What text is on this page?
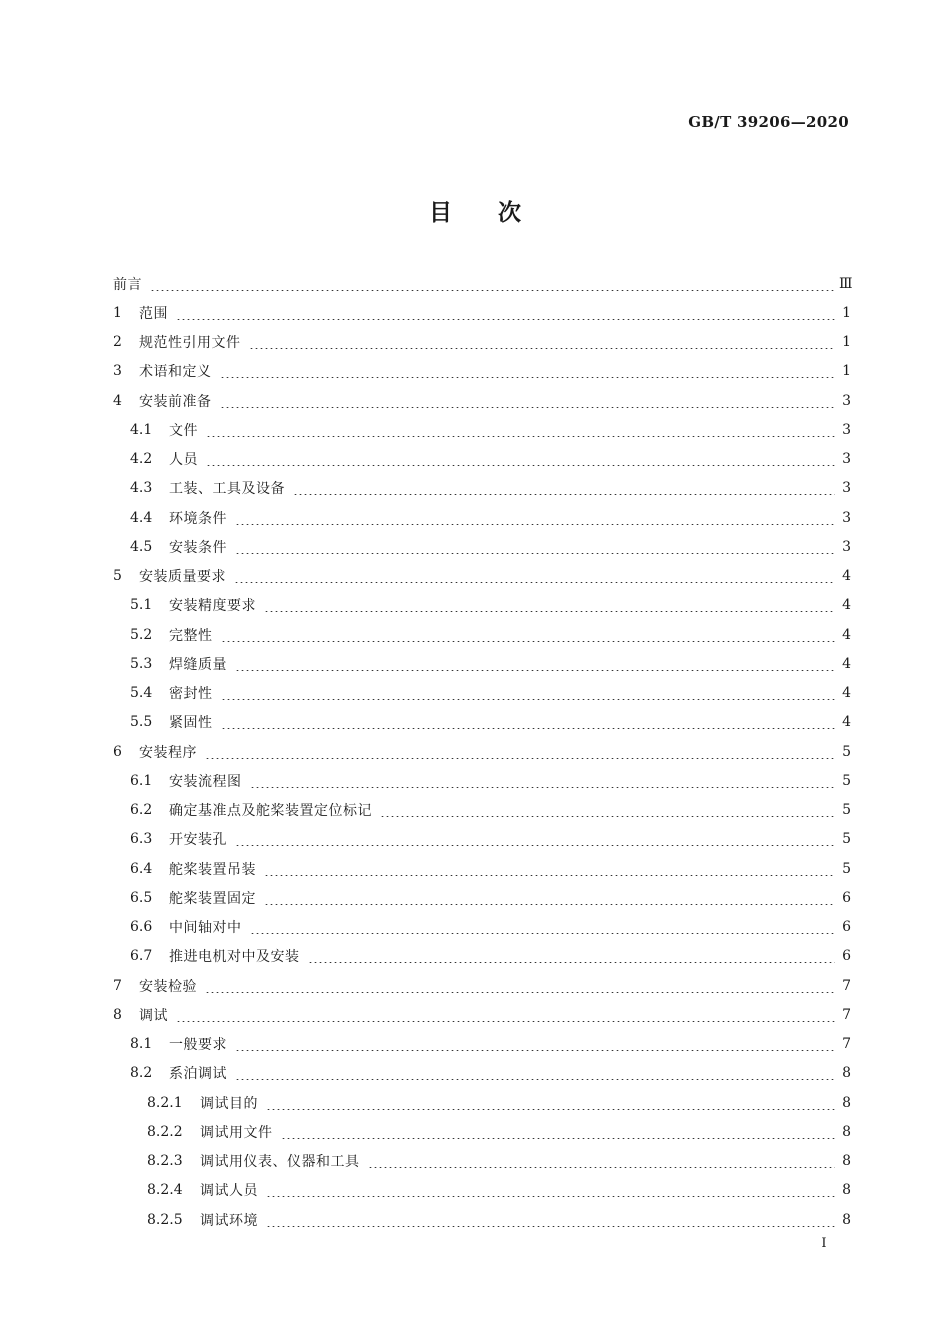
GB/T 39206—2020
目　　次
前言	Ⅲ
1	范围	1
2	规范性引用文件	1
3	术语和定义	1
4	安装前准备	3
4.1	文件	3
4.2	人员	3
4.3	工装、工具及设备	3
4.4	环境条件	3
4.5	安装条件	3
5	安装质量要求	4
5.1	安装精度要求	4
5.2	完整性	4
5.3	焊缝质量	4
5.4	密封性	4
5.5	紧固性	4
6	安装程序	5
6.1	安装流程图	5
6.2	确定基准点及舵桨装置定位标记	5
6.3	开安装孔	5
6.4	舵桨装置吊装	5
6.5	舵桨装置固定	6
6.6	中间轴对中	6
6.7	推进电机对中及安装	6
7	安装检验	7
8	调试	7
8.1	一般要求	7
8.2	系泊调试	8
8.2.1	调试目的	8
8.2.2	调试用文件	8
8.2.3	调试用仪表、仪器和工具	8
8.2.4	调试人员	8
8.2.5	调试环境	8
I
